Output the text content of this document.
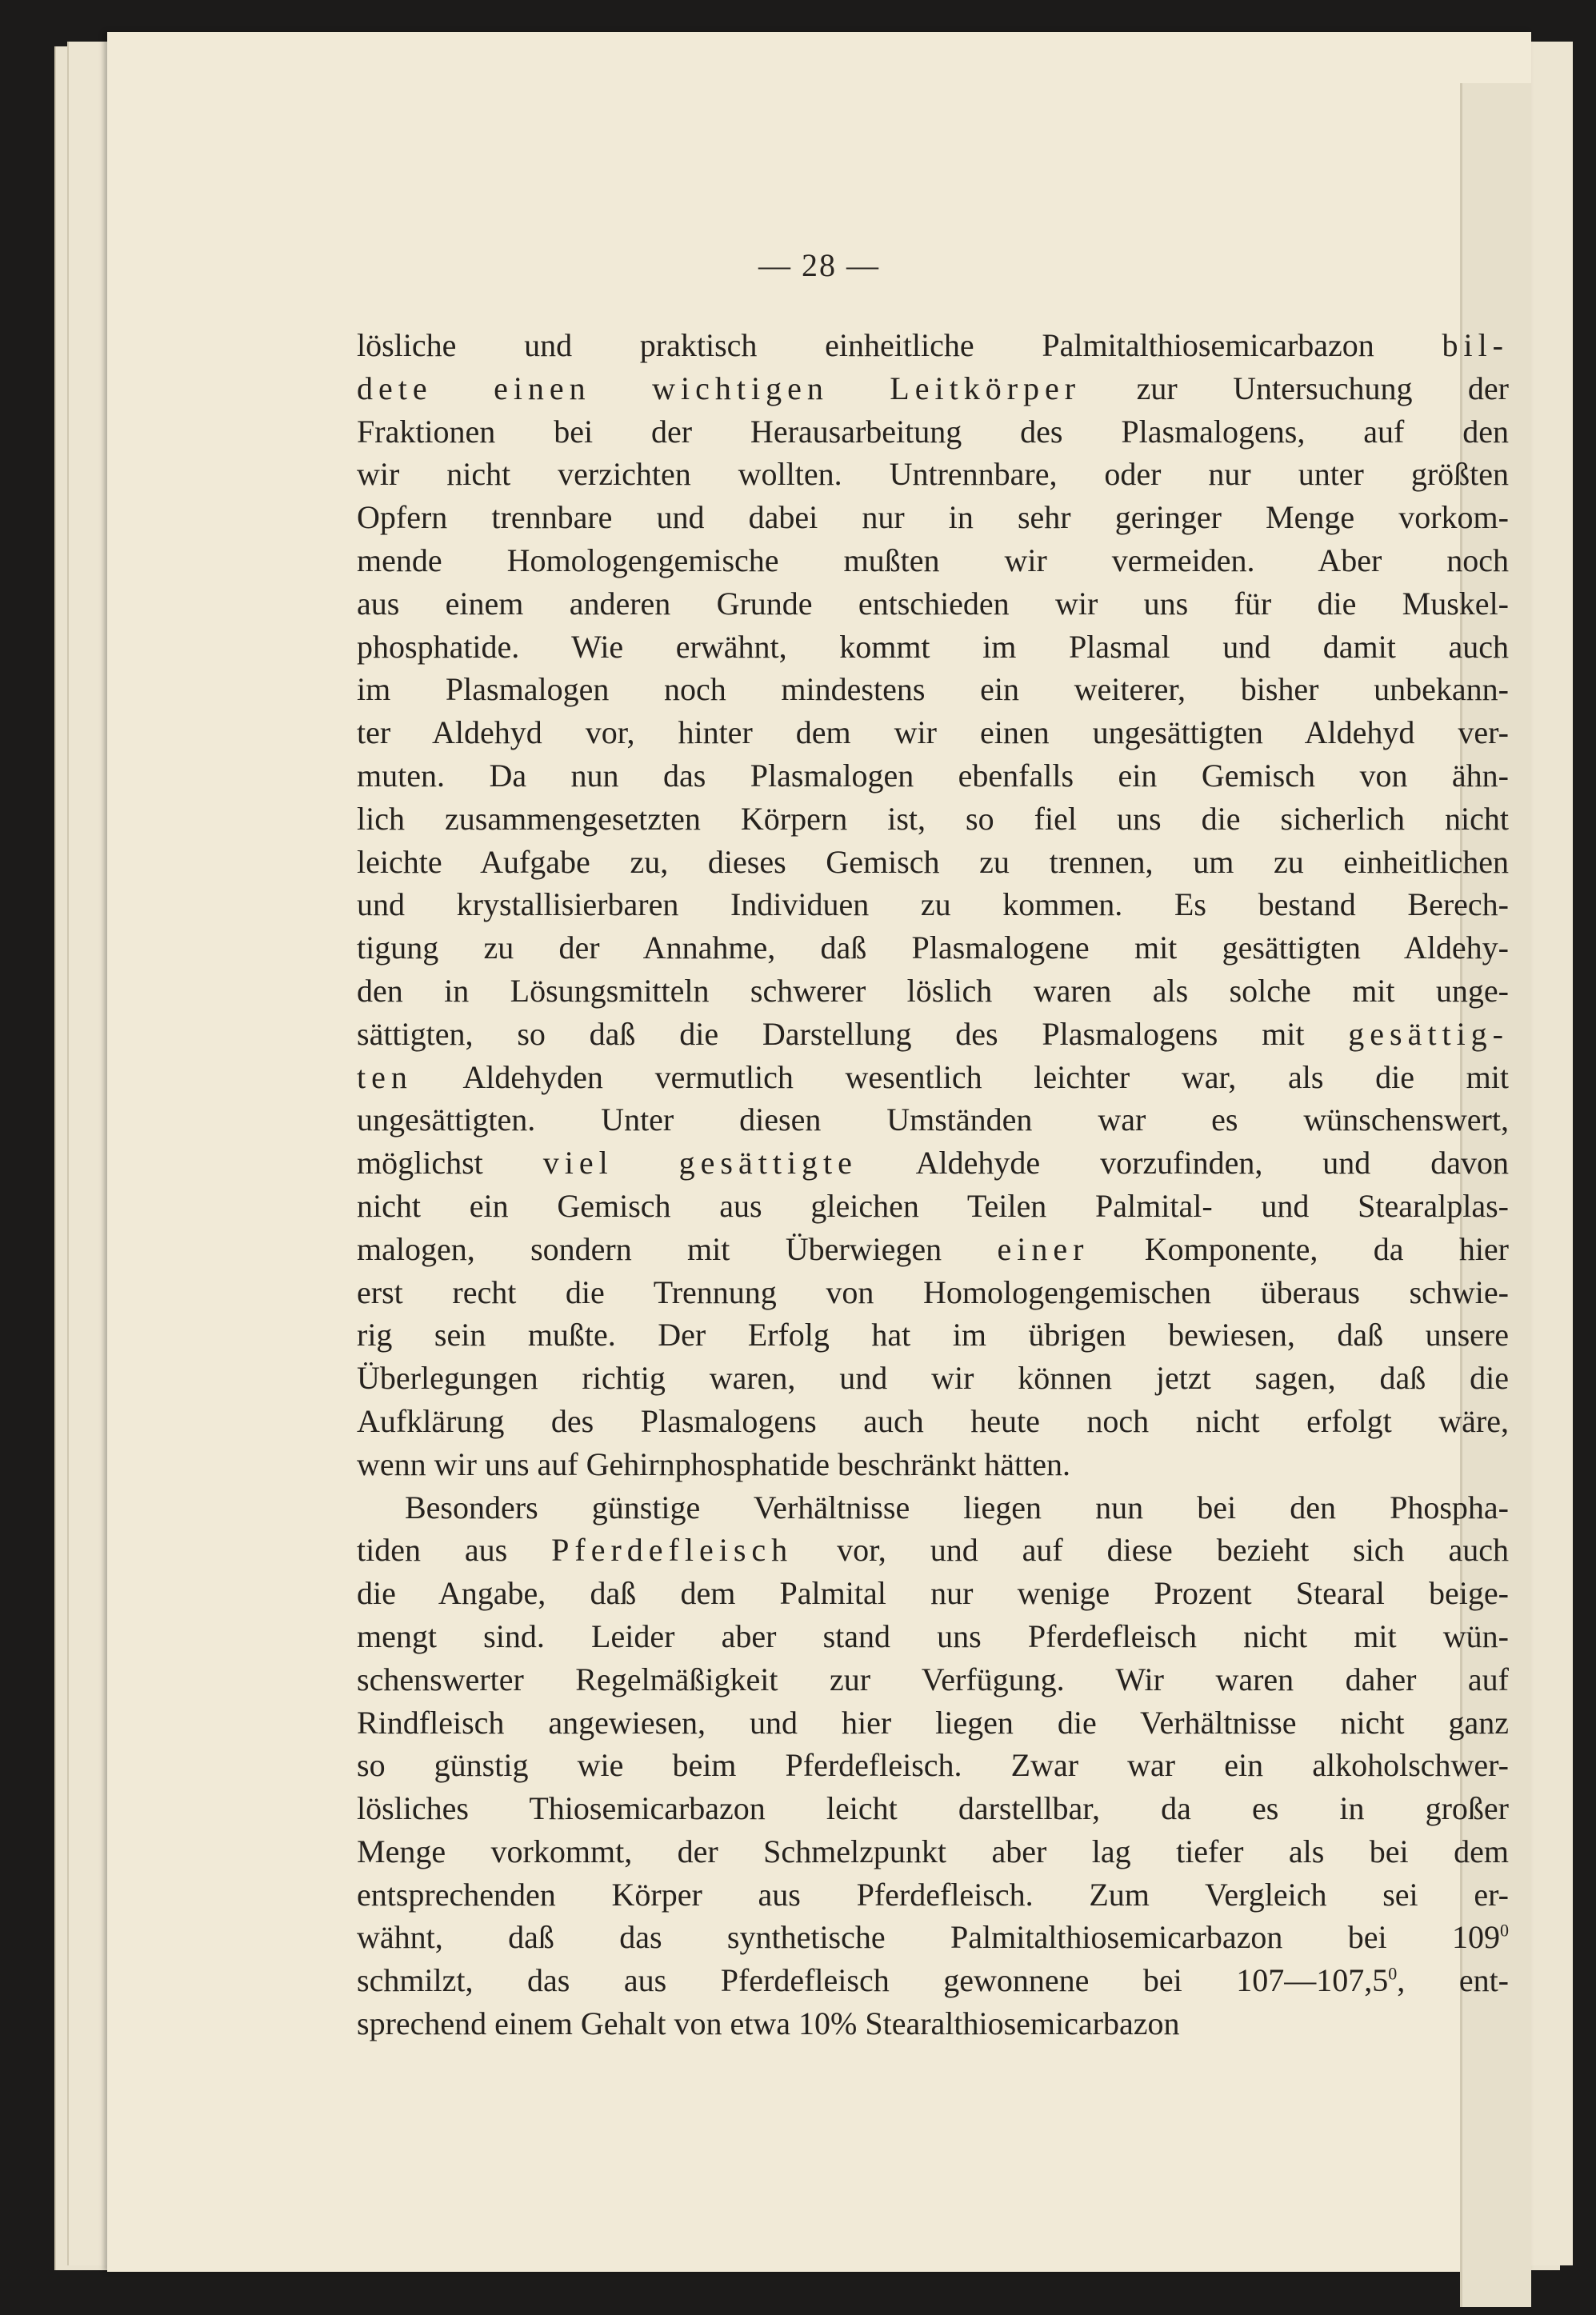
— 28 —
lösliche und praktisch einheitliche Palmitalthiosemicarbazon bil-
dete einen wichtigen Leitkörper zur Untersuchung der
Fraktionen bei der Herausarbeitung des Plasmalogens, auf den
wir nicht verzichten wollten. Untrennbare, oder nur unter größten
Opfern trennbare und dabei nur in sehr geringer Menge vorkom-
mende Homologengemische mußten wir vermeiden. Aber noch
aus einem anderen Grunde entschieden wir uns für die Muskel-
phosphatide. Wie erwähnt, kommt im Plasmal und damit auch
im Plasmalogen noch mindestens ein weiterer, bisher unbekann-
ter Aldehyd vor, hinter dem wir einen ungesättigten Aldehyd ver-
muten. Da nun das Plasmalogen ebenfalls ein Gemisch von ähn-
lich zusammengesetzten Körpern ist, so fiel uns die sicherlich nicht
leichte Aufgabe zu, dieses Gemisch zu trennen, um zu einheitlichen
und krystallisierbaren Individuen zu kommen. Es bestand Berech-
tigung zu der Annahme, daß Plasmalogene mit gesättigten Aldehy-
den in Lösungsmitteln schwerer löslich waren als solche mit unge-
sättigten, so daß die Darstellung des Plasmalogens mit gesättig-
ten Aldehyden vermutlich wesentlich leichter war, als die mit
ungesättigten. Unter diesen Umständen war es wünschenswert,
möglichst viel gesättigte Aldehyde vorzufinden, und davon
nicht ein Gemisch aus gleichen Teilen Palmital- und Stearalplas-
malogen, sondern mit Überwiegen einer Komponente, da hier
erst recht die Trennung von Homologengemischen überaus schwie-
rig sein mußte. Der Erfolg hat im übrigen bewiesen, daß unsere
Überlegungen richtig waren, und wir können jetzt sagen, daß die
Aufklärung des Plasmalogens auch heute noch nicht erfolgt wäre,
wenn wir uns auf Gehirnphosphatide beschränkt hätten.
Besonders günstige Verhältnisse liegen nun bei den Phospha-
tiden aus Pferdefleisch vor, und auf diese bezieht sich auch
die Angabe, daß dem Palmital nur wenige Prozent Stearal beige-
mengt sind. Leider aber stand uns Pferdefleisch nicht mit wün-
schenswerter Regelmäßigkeit zur Verfügung. Wir waren daher auf
Rindfleisch angewiesen, und hier liegen die Verhältnisse nicht ganz
so günstig wie beim Pferdefleisch. Zwar war ein alkoholschwer-
lösliches Thiosemicarbazon leicht darstellbar, da es in großer
Menge vorkommt, der Schmelzpunkt aber lag tiefer als bei dem
entsprechenden Körper aus Pferdefleisch. Zum Vergleich sei er-
wähnt, daß das synthetische Palmitalthiosemicarbazon bei $109^0$
schmilzt, das aus Pferdefleisch gewonnene bei 107—107,5$^0$, ent-
sprechend einem Gehalt von etwa 10% Stearalthiosemicarbazon
